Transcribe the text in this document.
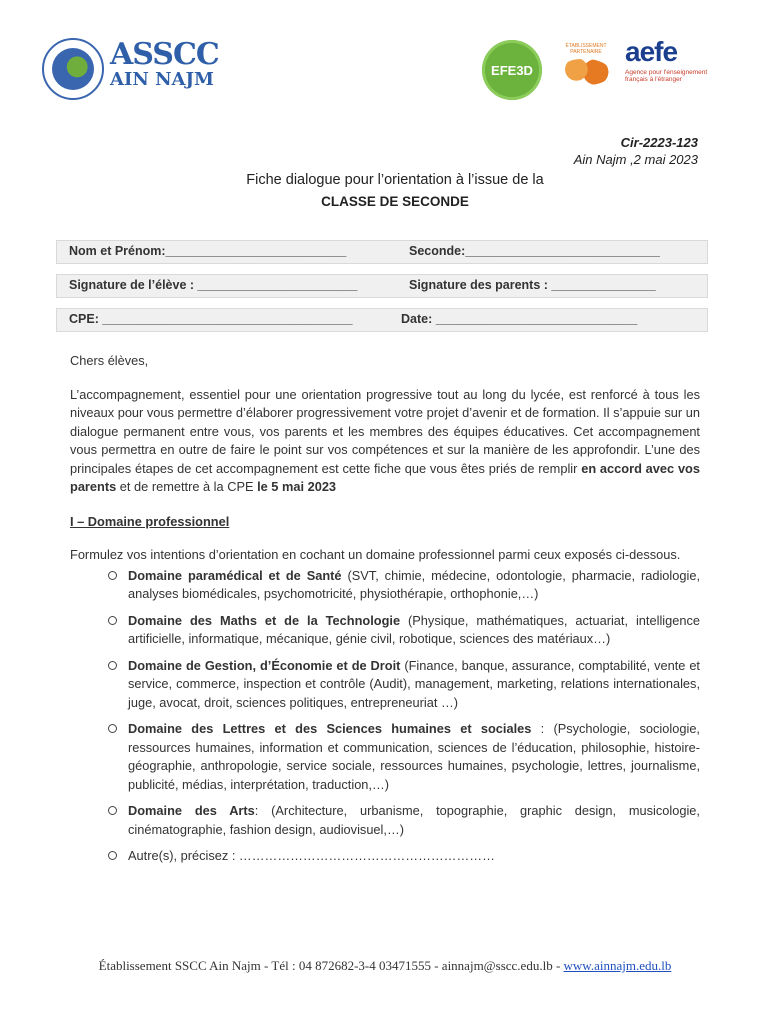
ASSCC
AIN NAJM	EFE3D
ÉTABLISSEMENT PARTENAIRE aefe
Agence pour l'enseignement français à l'étranger
Cir-2223-123
Ain Najm ,2 mai 2023
Fiche dialogue pour l’orientation à l’issue de la
CLASSE DE SECONDE
Nom et Prénom:__________________________	Seconde:____________________________
Signature de l’élève : _______________________	Signature des parents : _______________
CPE: ____________________________________	Date: _____________________________

Chers élèves,

L’accompagnement, essentiel pour une orientation progressive tout au long du lycée, est renforcé à tous les niveaux pour vous permettre d’élaborer progressivement votre projet d’avenir et de formation. Il s’appuie sur un dialogue permanent entre vous, vos parents et les membres des équipes éducatives. Cet accompagnement vous permettra en outre de faire le point sur vos compétences et sur la manière de les approfondir. L’une des principales étapes de cet accompagnement est cette fiche que vous êtes priés de remplir en accord avec vos parents et de remettre à la CPE le 5 mai 2023

I – Domaine professionnel

Formulez vos intentions d’orientation en cochant un domaine professionnel parmi ceux exposés ci-dessous.

Domaine paramédical et de Santé (SVT, chimie, médecine, odontologie, pharmacie, radiologie, analyses biomédicales, psychomotricité, physiothérapie, orthophonie,…)
Domaine des Maths et de la Technologie (Physique, mathématiques, actuariat, intelligence artificielle, informatique, mécanique, génie civil, robotique, sciences des matériaux…)
Domaine de Gestion, d’Économie et de Droit (Finance, banque, assurance, comptabilité, vente et service, commerce, inspection et contrôle (Audit), management, marketing, relations internationales, juge, avocat, droit, sciences politiques, entrepreneuriat …)
Domaine des Lettres et des Sciences humaines et sociales : (Psychologie, sociologie, ressources humaines, information et communication, sciences de l’éducation, philosophie, histoire-géographie, anthropologie, service sociale, ressources humaines, psychologie, lettres, journalisme, publicité, médias, interprétation, traduction,…)
Domaine des Arts: (Architecture, urbanisme, topographie, graphic design, musicologie, cinématographie, fashion design, audiovisuel,…)
Autre(s), précisez : ……………………………………………………
Établissement SSCC Ain Najm - Tél : 04 872682-3-4 03471555 - ainnajm@sscc.edu.lb - www.ainnajm.edu.lb
